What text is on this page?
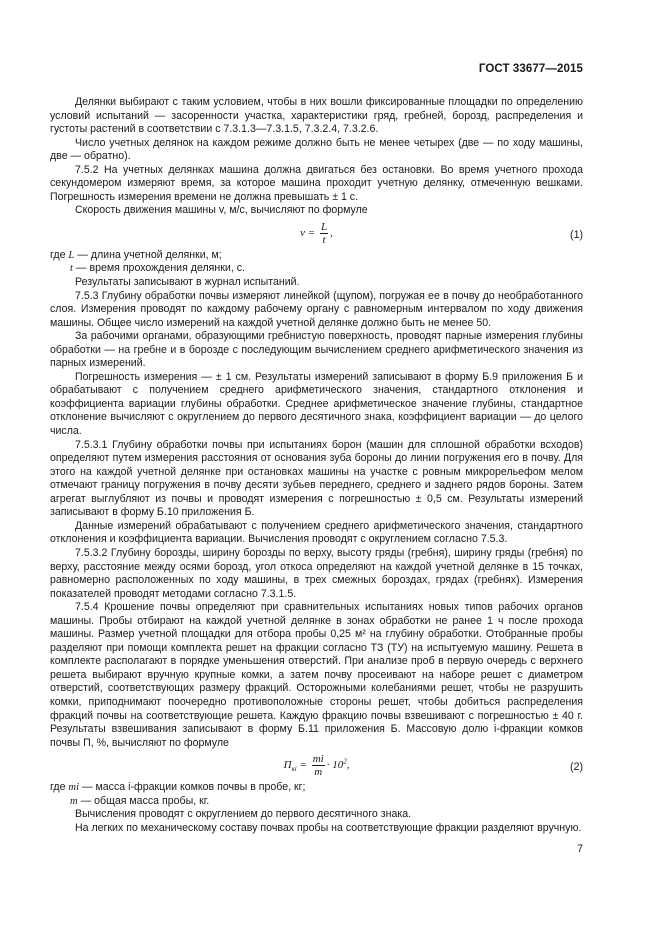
ГОСТ 33677—2015

Делянки выбирают с таким условием, чтобы в них вошли фиксированные площадки по определению условий испытаний — засоренности участка, характеристики гряд, гребней, борозд, распределения и густоты растений в соответствии с 7.3.1.3—7.3.1.5, 7.3.2.4, 7.3.2.6.

Число учетных делянок на каждом режиме должно быть не менее четырех (две — по ходу машины, две — обратно).

7.5.2 На учетных делянках машина должна двигаться без остановки. Во время учетного прохода секундомером измеряют время, за которое машина проходит учетную делянку, отмеченную вешками. Погрешность измерения времени не должна превышать ± 1 с.

Скорость движения машины v, м/с, вычисляют по формуле

$v = \frac{L}{t}$ ,	(1)
где L — длина учетной делянки, м;
t — время прохождения делянки, с.

Результаты записывают в журнал испытаний.

7.5.3 Глубину обработки почвы измеряют линейкой (щупом), погружая ее в почву до необработанного слоя. Измерения проводят по каждому рабочему органу с равномерным интервалом по ходу движения машины. Общее число измерений на каждой учетной делянке должно быть не менее 50.

За рабочими органами, образующими гребнистую поверхность, проводят парные измерения глубины обработки — на гребне и в борозде с последующим вычислением среднего арифметического значения из парных измерений.

Погрешность измерения — ± 1 см. Результаты измерений записывают в форму Б.9 приложения Б и обрабатывают с получением среднего арифметического значения, стандартного отклонения и коэффициента вариации глубины обработки. Среднее арифметическое значение глубины, стандартное отклонение вычисляют с округлением до первого десятичного знака, коэффициент вариации — до целого числа.

7.5.3.1 Глубину обработки почвы при испытаниях борон (машин для сплошной обработки всходов) определяют путем измерения расстояния от основания зуба бороны до линии погружения его в почву. Для этого на каждой учетной делянке при остановках машины на участке с ровным микрорельефом мелом отмечают границу погружения в почву десяти зубьев переднего, среднего и заднего рядов бороны. Затем агрегат выглубляют из почвы и проводят измерения с погрешностью ± 0,5 см. Результаты измерений записывают в форму Б.10 приложения Б.

Данные измерений обрабатывают с получением среднего арифметического значения, стандартного отклонения и коэффициента вариации. Вычисления проводят с округлением согласно 7.5.3.

7.5.3.2 Глубину борозды, ширину борозды по верху, высоту гряды (гребня), ширину гряды (гребня) по верху, расстояние между осями борозд, угол откоса определяют на каждой учетной делянке в 15 точках, равномерно расположенных по ходу машины, в трех смежных бороздах, грядах (гребнях). Измерения показателей проводят методами согласно 7.3.1.5.

7.5.4 Крошение почвы определяют при сравнительных испытаниях новых типов рабочих органов машины. Пробы отбирают на каждой учетной делянке в зонах обработки не ранее 1 ч после прохода машины. Размер учетной площадки для отбора пробы 0,25 м² на глубину обработки. Отобранные пробы разделяют при помощи комплекта решет на фракции согласно ТЗ (ТУ) на испытуемую машину. Решета в комплекте располагают в порядке уменьшения отверстий. При анализе проб в первую очередь с верхнего решета выбирают вручную крупные комки, а затем почву просеивают на наборе решет с диаметром отверстий, соответствующих размеру фракций. Осторожными колебаниями решет, чтобы не разрушить комки, приподнимают поочередно противоположные стороны решет, чтобы добиться распределения фракций почвы на соответствующие решета. Каждую фракцию почвы взвешивают с погрешностью ± 40 г. Результаты взвешивания записывают в форму Б.11 приложения Б. Массовую долю i-фракции комков почвы П, %, вычисляют по формуле

$П_{кi} = \frac{mi}{m} \cdot 10^2$,	(2)
где mi — масса i-фракции комков почвы в пробе, кг;
m — общая масса пробы, кг.

Вычисления проводят с округлением до первого десятичного знака.

На легких по механическому составу почвах пробы на соответствующие фракции разделяют вручную.

7
